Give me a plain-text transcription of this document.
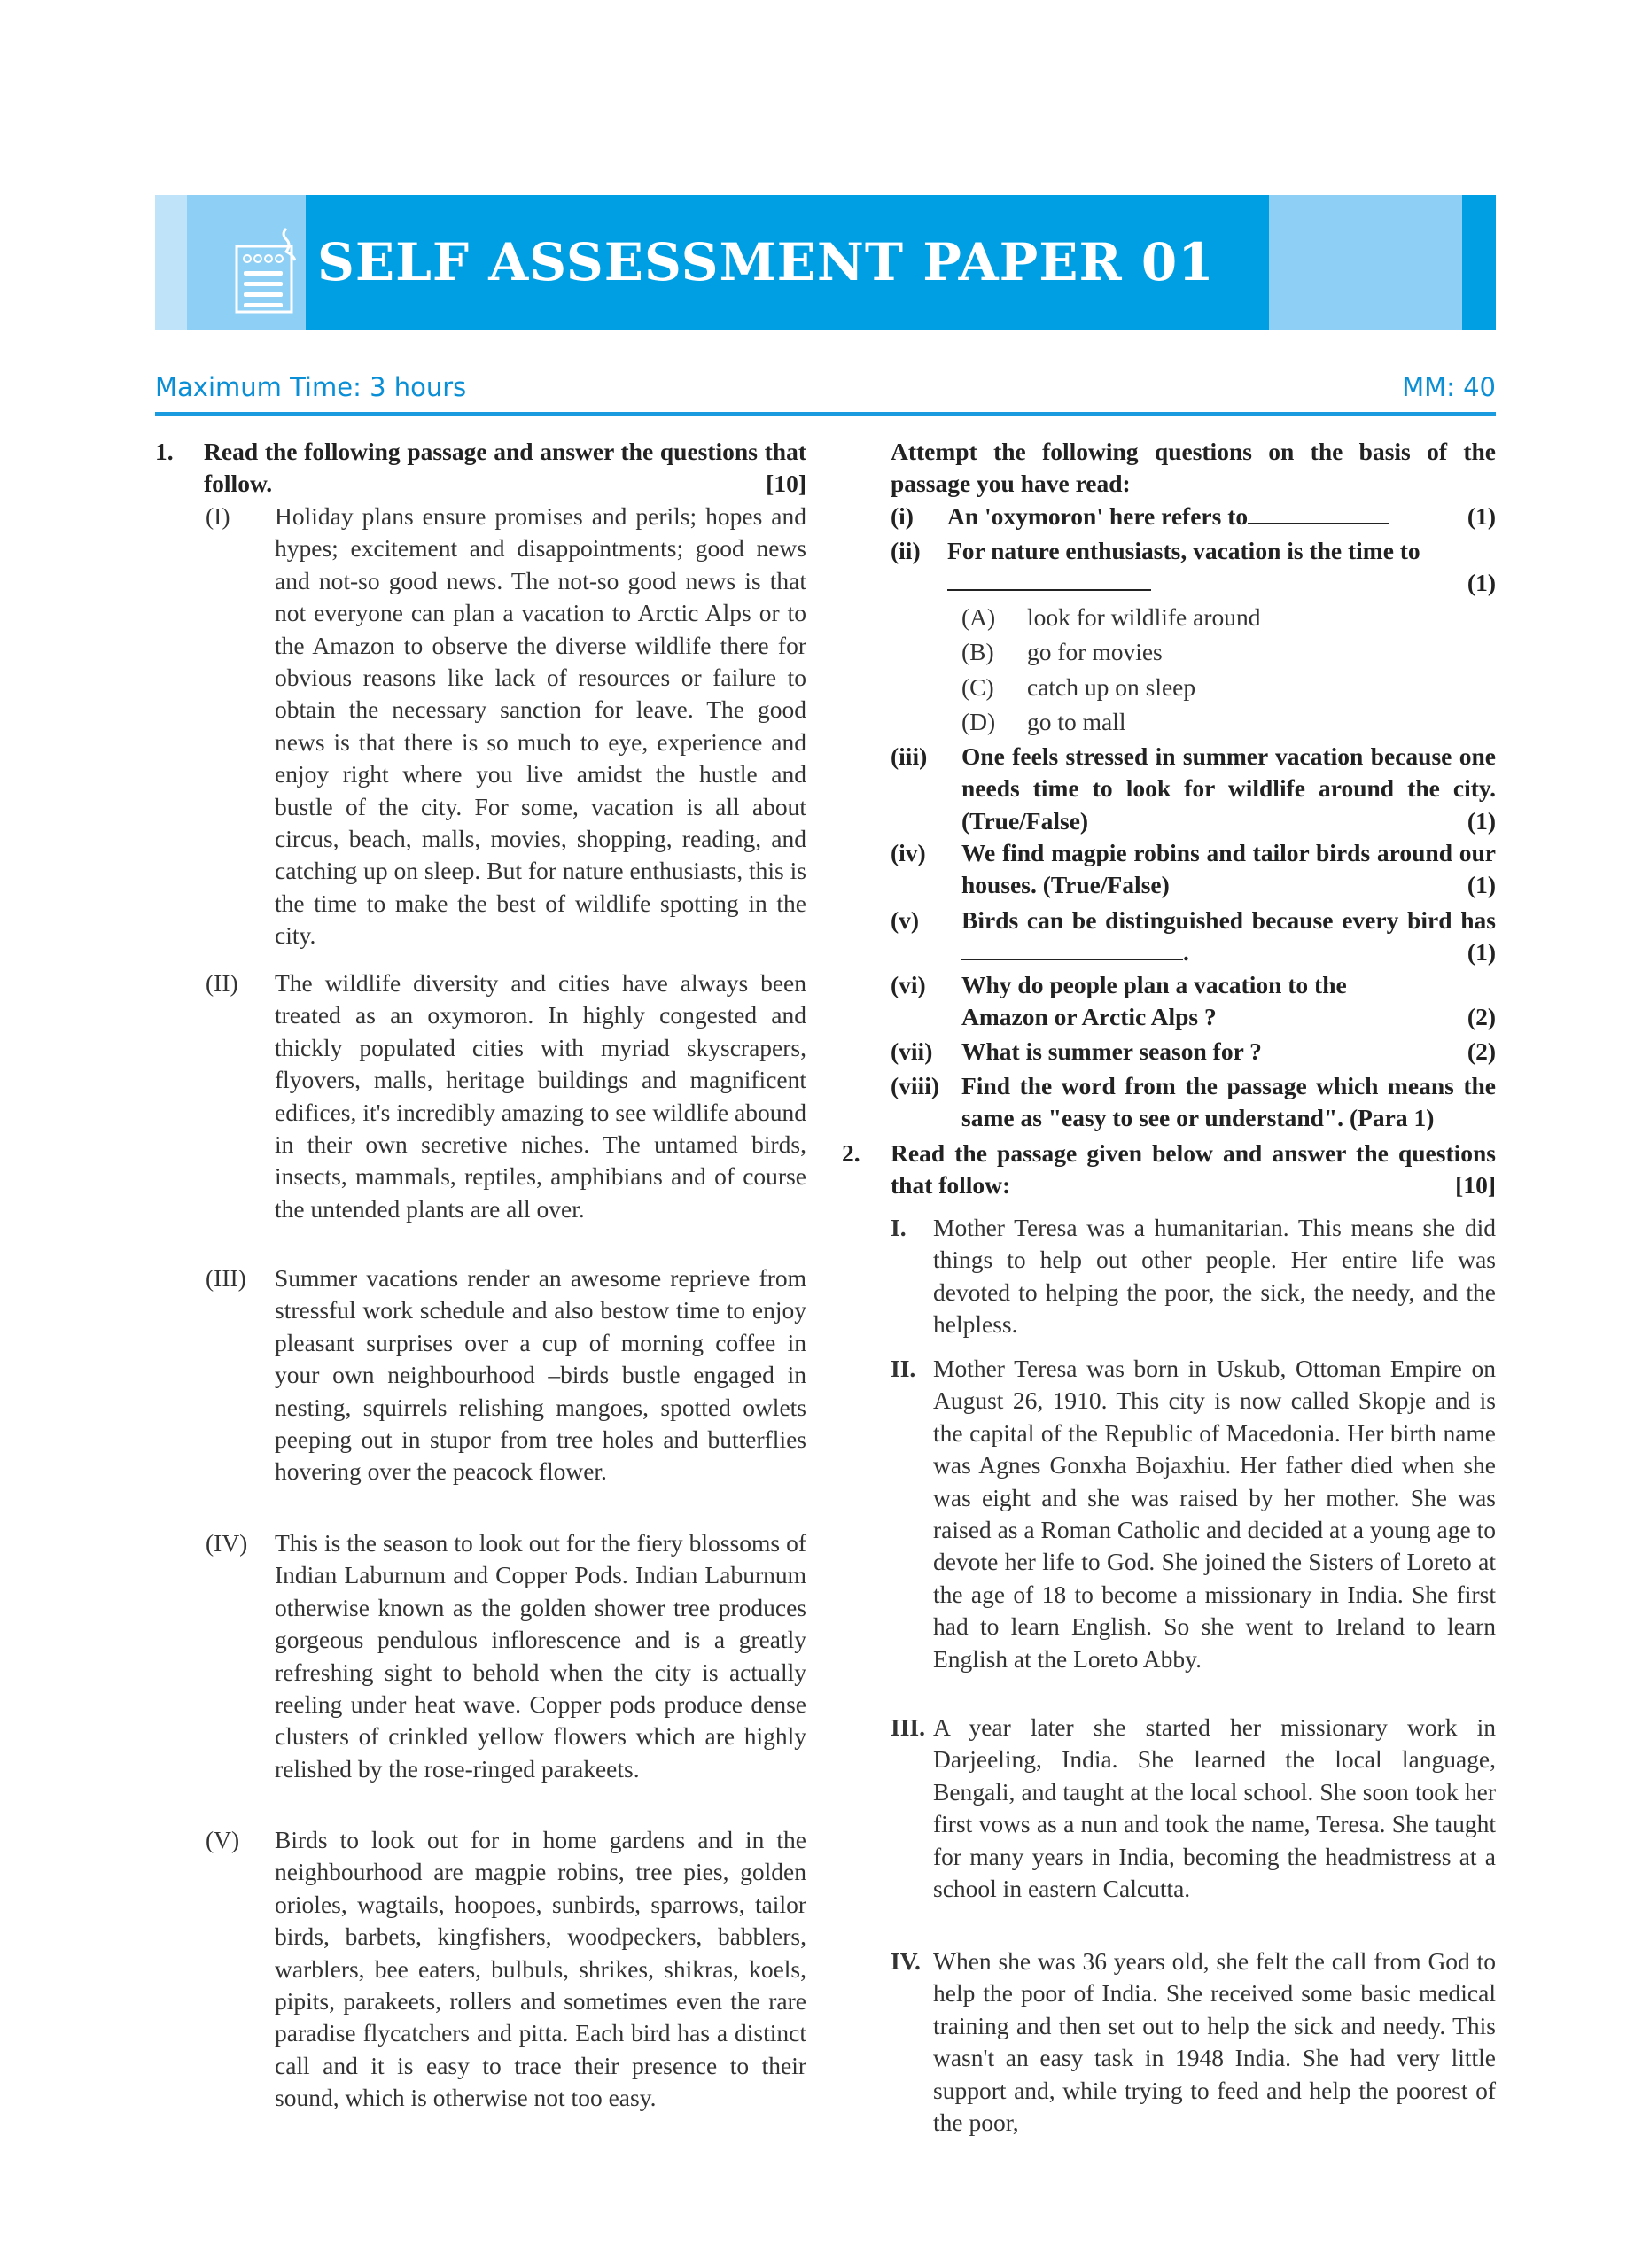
SELF ASSESSMENT PAPER 01
Maximum Time: 3 hours	MM: 40
1. Read the following passage and answer the questions that follow.	[10]
(I) Holiday plans ensure promises and perils; hopes and hypes; excitement and disappointments; good news and not-so good news. The not-so good news is that not everyone can plan a vacation to Arctic Alps or to the Amazon to observe the diverse wildlife there for obvious reasons like lack of resources or failure to obtain the necessary sanction for leave. The good news is that there is so much to eye, experience and enjoy right where you live amidst the hustle and bustle of the city. For some, vacation is all about circus, beach, malls, movies, shopping, reading, and catching up on sleep. But for nature enthusiasts, this is the time to make the best of wildlife spotting in the city.
(II) The wildlife diversity and cities have always been treated as an oxymoron. In highly congested and thickly populated cities with myriad skyscrapers, flyovers, malls, heritage buildings and magnificent edifices, it's incredibly amazing to see wildlife abound in their own secretive niches. The untamed birds, insects, mammals, reptiles, amphibians and of course the untended plants are all over.
(III) Summer vacations render an awesome reprieve from stressful work schedule and also bestow time to enjoy pleasant surprises over a cup of morning coffee in your own neighbourhood –birds bustle engaged in nesting, squirrels relishing mangoes, spotted owlets peeping out in stupor from tree holes and butterflies hovering over the peacock flower.
(IV) This is the season to look out for the fiery blossoms of Indian Laburnum and Copper Pods. Indian Laburnum otherwise known as the golden shower tree produces gorgeous pendulous inflorescence and is a greatly refreshing sight to behold when the city is actually reeling under heat wave. Copper pods produce dense clusters of crinkled yellow flowers which are highly relished by the rose-ringed parakeets.
(V) Birds to look out for in home gardens and in the neighbourhood are magpie robins, tree pies, golden orioles, wagtails, hoopoes, sunbirds, sparrows, tailor birds, barbets, kingfishers, woodpeckers, babblers, warblers, bee eaters, bulbuls, shrikes, shikras, koels, pipits, parakeets, rollers and sometimes even the rare paradise flycatchers and pitta. Each bird has a distinct call and it is easy to trace their presence to their sound, which is otherwise not too easy.
Attempt the following questions on the basis of the passage you have read:
(i) An 'oxymoron' here refers to	(1)
(ii) For nature enthusiasts, vacation is the time to

(1)
(A) look for wildlife around
(B) go for movies
(C) catch up on sleep
(D) go to mall
(iii) One feels stressed in summer vacation because one needs time to look for wildlife around the city. (True/False)	(1)
(iv) We find magpie robins and tailor birds around our houses. (True/False)	(1)
(v) Birds can be distinguished because every bird has .	(1)
(vi) Why do people plan a vacation to the Amazon or Arctic Alps ?	(2)
(vii) What is summer season for ?	(2)
(viii) Find the word from the passage which means the same as "easy to see or understand". (Para 1)
2. Read the passage given below and answer the questions that follow:	[10]
I. Mother Teresa was a humanitarian. This means she did things to help out other people. Her entire life was devoted to helping the poor, the sick, the needy, and the helpless.
II. Mother Teresa was born in Uskub, Ottoman Empire on August 26, 1910. This city is now called Skopje and is the capital of the Republic of Macedonia. Her birth name was Agnes Gonxha Bojaxhiu. Her father died when she was eight and she was raised by her mother. She was raised as a Roman Catholic and decided at a young age to devote her life to God. She joined the Sisters of Loreto at the age of 18 to become a missionary in India. She first had to learn English. So she went to Ireland to learn English at the Loreto Abby.
III. A year later she started her missionary work in Darjeeling, India. She learned the local language, Bengali, and taught at the local school. She soon took her first vows as a nun and took the name, Teresa. She taught for many years in India, becoming the headmistress at a school in eastern Calcutta.
IV. When she was 36 years old, she felt the call from God to help the poor of India. She received some basic medical training and then set out to help the sick and needy. This wasn't an easy task in 1948 India. She had very little support and, while trying to feed and help the poorest of the poor,
